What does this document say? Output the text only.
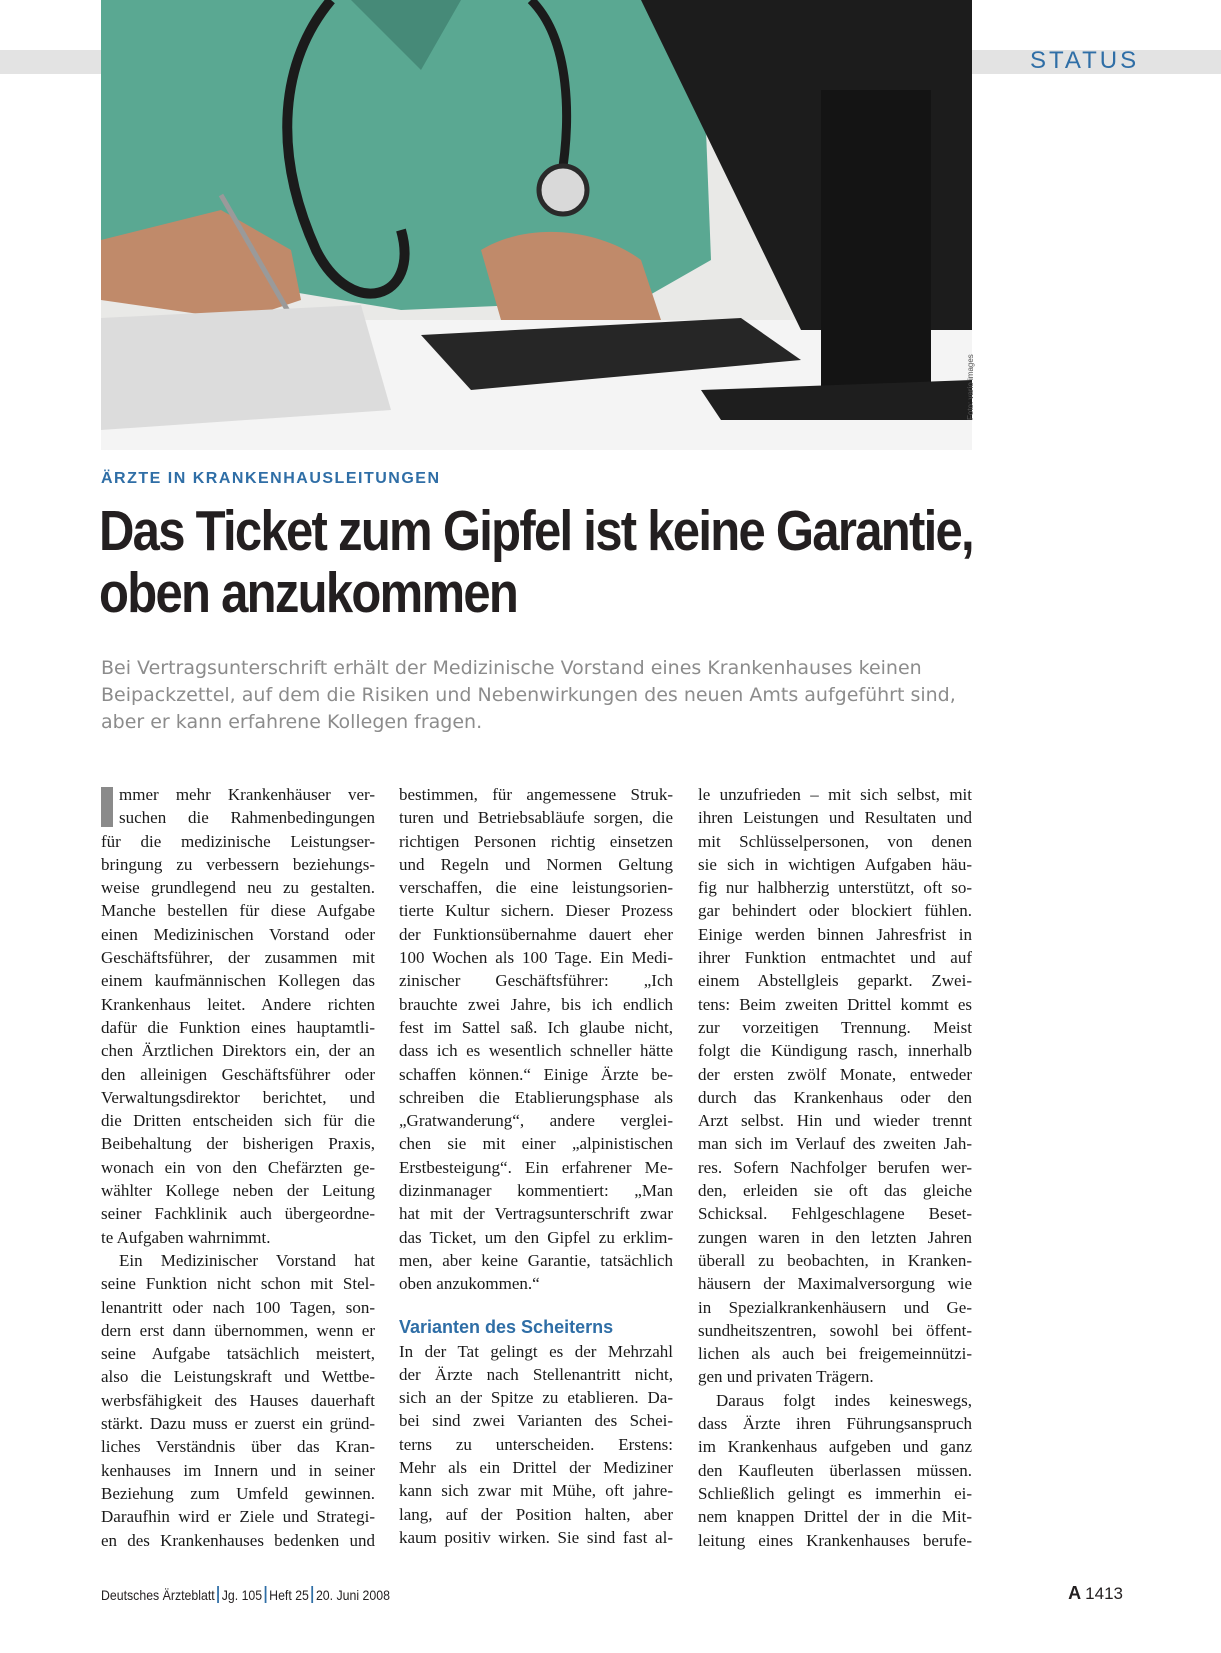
STATUS
Foto: vario images
ÄRZTE IN KRANKENHAUSLEITUNGEN
Das Ticket zum Gipfel ist keine Garantie,
oben anzukommen
Bei Vertragsunterschrift erhält der Medizinische Vorstand eines Krankenhauses keinen
Beipackzettel, auf dem die Risiken und Nebenwirkungen des neuen Amts aufgeführt sind,
aber er kann erfahrene Kollegen fragen.
mmer mehr Krankenhäuser ver-
suchen die Rahmenbedingungen
für die medizinische Leistungser-
bringung zu verbessern beziehungs-
weise grundlegend neu zu gestalten.
Manche bestellen für diese Aufgabe
einen Medizinischen Vorstand oder
Geschäftsführer, der zusammen mit
einem kaufmännischen Kollegen das
Krankenhaus leitet. Andere richten
dafür die Funktion eines hauptamtli-
chen Ärztlichen Direktors ein, der an
den alleinigen Geschäftsführer oder
Verwaltungsdirektor berichtet, und
die Dritten entscheiden sich für die
Beibehaltung der bisherigen Praxis,
wonach ein von den Chefärzten ge-
wählter Kollege neben der Leitung
seiner Fachklinik auch übergeordne-
te Aufgaben wahrnimmt.
Ein Medizinischer Vorstand hat
seine Funktion nicht schon mit Stel-
lenantritt oder nach 100 Tagen, son-
dern erst dann übernommen, wenn er
seine Aufgabe tatsächlich meistert,
also die Leistungskraft und Wettbe-
werbsfähigkeit des Hauses dauerhaft
stärkt. Dazu muss er zuerst ein gründ-
liches Verständnis über das Kran-
kenhauses im Innern und in seiner
Beziehung zum Umfeld gewinnen.
Daraufhin wird er Ziele und Strategi-
en des Krankenhauses bedenken und
bestimmen, für angemessene Struk-
turen und Betriebsabläufe sorgen, die
richtigen Personen richtig einsetzen
und Regeln und Normen Geltung
verschaffen, die eine leistungsorien-
tierte Kultur sichern. Dieser Prozess
der Funktionsübernahme dauert eher
100 Wochen als 100 Tage. Ein Medi-
zinischer Geschäftsführer: „Ich
brauchte zwei Jahre, bis ich endlich
fest im Sattel saß. Ich glaube nicht,
dass ich es wesentlich schneller hätte
schaffen können.“ Einige Ärzte be-
schreiben die Etablierungsphase als
„Gratwanderung“, andere verglei-
chen sie mit einer „alpinistischen
Erstbesteigung“. Ein erfahrener Me-
dizinmanager kommentiert: „Man
hat mit der Vertragsunterschrift zwar
das Ticket, um den Gipfel zu erklim-
men, aber keine Garantie, tatsächlich
oben anzukommen.“
Varianten des Scheiterns
In der Tat gelingt es der Mehrzahl
der Ärzte nach Stellenantritt nicht,
sich an der Spitze zu etablieren. Da-
bei sind zwei Varianten des Schei-
terns zu unterscheiden. Erstens:
Mehr als ein Drittel der Mediziner
kann sich zwar mit Mühe, oft jahre-
lang, auf der Position halten, aber
kaum positiv wirken. Sie sind fast al-
le unzufrieden – mit sich selbst, mit
ihren Leistungen und Resultaten und
mit Schlüsselpersonen, von denen
sie sich in wichtigen Aufgaben häu-
fig nur halbherzig unterstützt, oft so-
gar behindert oder blockiert fühlen.
Einige werden binnen Jahresfrist in
ihrer Funktion entmachtet und auf
einem Abstellgleis geparkt. Zwei-
tens: Beim zweiten Drittel kommt es
zur vorzeitigen Trennung. Meist
folgt die Kündigung rasch, innerhalb
der ersten zwölf Monate, entweder
durch das Krankenhaus oder den
Arzt selbst. Hin und wieder trennt
man sich im Verlauf des zweiten Jah-
res. Sofern Nachfolger berufen wer-
den, erleiden sie oft das gleiche
Schicksal. Fehlgeschlagene Beset-
zungen waren in den letzten Jahren
überall zu beobachten, in Kranken-
häusern der Maximalversorgung wie
in Spezialkrankenhäusern und Ge-
sundheitszentren, sowohl bei öffent-
lichen als auch bei freigemeinnützi-
gen und privaten Trägern.
Daraus folgt indes keineswegs,
dass Ärzte ihren Führungsanspruch
im Krankenhaus aufgeben und ganz
den Kaufleuten überlassen müssen.
Schließlich gelingt es immerhin ei-
nem knappen Drittel der in die Mit-
leitung eines Krankenhauses berufe-
Deutsches Ärzteblatt Jg. 105 Heft 25 20. Juni 2008	A 1413
